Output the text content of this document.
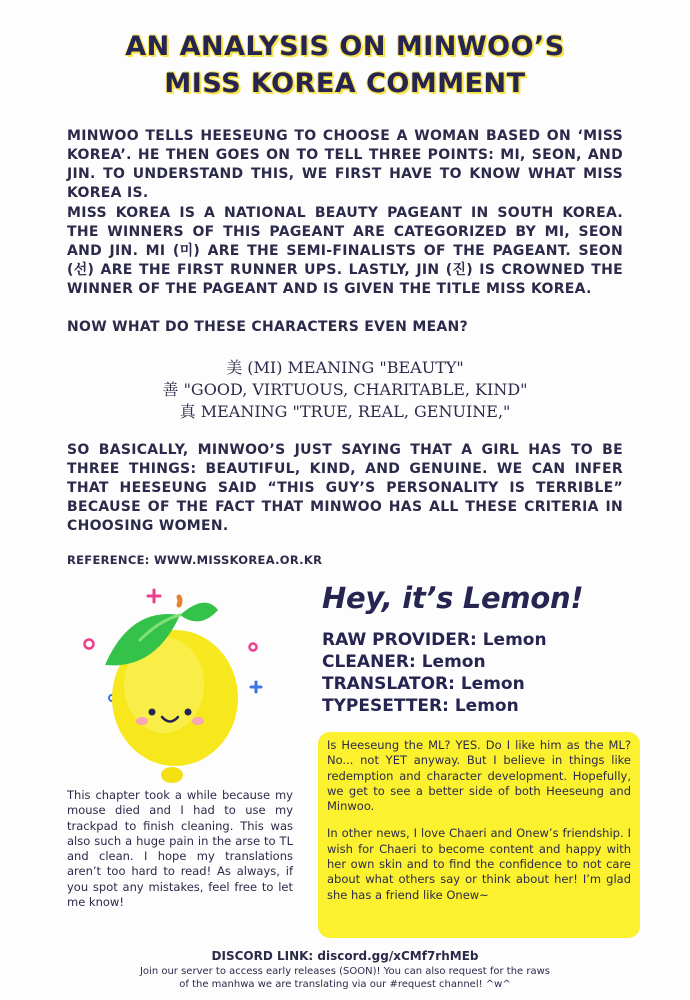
AN ANALYSIS ON MINWOO’S
MISS KOREA COMMENT
MINWOO TELLS HEESEUNG TO CHOOSE A WOMAN BASED ON ‘MISS KOREA’. HE THEN GOES ON TO TELL THREE POINTS: MI, SEON, AND JIN. TO UNDERSTAND THIS, WE FIRST HAVE TO KNOW WHAT MISS KOREA IS.
MISS KOREA IS A NATIONAL BEAUTY PAGEANT IN SOUTH KOREA. THE WINNERS OF THIS PAGEANT ARE CATEGORIZED BY MI, SEON AND JIN. MI (미) ARE THE SEMI-FINALISTS OF THE PAGEANT. SEON (선) ARE THE FIRST RUNNER UPS. LASTLY, JIN (진) IS CROWNED THE WINNER OF THE PAGEANT AND IS GIVEN THE TITLE MISS KOREA.
NOW WHAT DO THESE CHARACTERS EVEN MEAN?
美 (MI) MEANING "BEAUTY"
善 "GOOD, VIRTUOUS, CHARITABLE, KIND"
真 MEANING "TRUE, REAL, GENUINE,"
SO BASICALLY, MINWOO’S JUST SAYING THAT A GIRL HAS TO BE THREE THINGS: BEAUTIFUL, KIND, AND GENUINE. WE CAN INFER THAT HEESEUNG SAID “THIS GUY’S PERSONALITY IS TERRIBLE” BECAUSE OF THE FACT THAT MINWOO HAS ALL THESE CRITERIA IN CHOOSING WOMEN.
REFERENCE: WWW.MISSKOREA.OR.KR
Hey, it’s Lemon!
RAW PROVIDER: Lemon
CLEANER: Lemon
TRANSLATOR: Lemon
TYPESETTER: Lemon

Is Heeseung the ML? YES. Do I like him as the ML? No... not YET anyway. But I believe in things like redemption and character development. Hopefully, we get to see a better side of both Heeseung and Minwoo.

In other news, I love Chaeri and Onew’s friendship. I wish for Chaeri to become content and happy with her own skin and to find the confidence to not care about what others say or think about her! I’m glad she has a friend like Onew~

This chapter took a while because my mouse died and I had to use my trackpad to finish cleaning. This was also such a huge pain in the arse to TL and clean. I hope my translations aren’t too hard to read! As always, if you spot any mistakes, feel free to let me know!
DISCORD LINK: discord.gg/xCMf7rhMEb
Join our server to access early releases (SOON)! You can also request for the raws
of the manhwa we are translating via our #request channel! ^w^
